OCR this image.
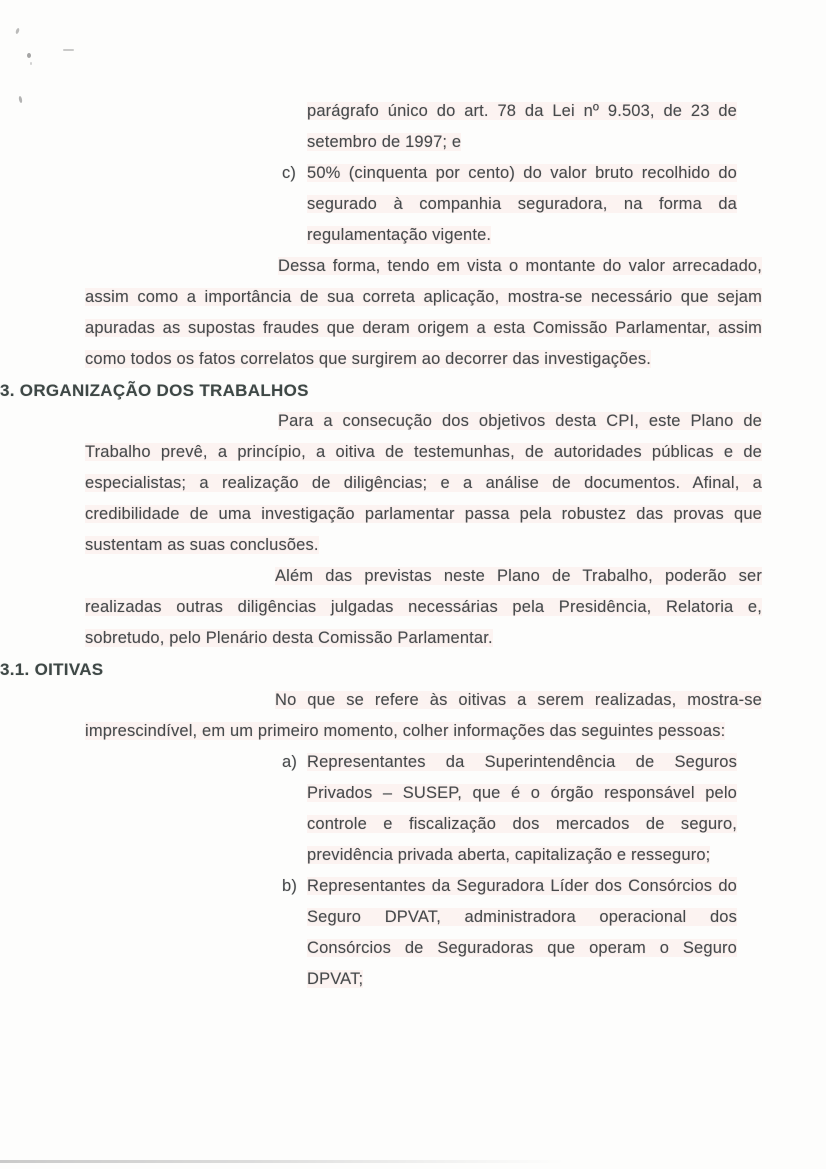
parágrafo único do art. 78 da Lei nº 9.503, de 23 de setembro de 1997; e
c) 50% (cinquenta por cento) do valor bruto recolhido do segurado à companhia seguradora, na forma da regulamentação vigente.

Dessa forma, tendo em vista o montante do valor arrecadado, assim como a importância de sua correta aplicação, mostra-se necessário que sejam apuradas as supostas fraudes que deram origem a esta Comissão Parlamentar, assim como todos os fatos correlatos que surgirem ao decorrer das investigações.

3. ORGANIZAÇÃO DOS TRABALHOS

Para a consecução dos objetivos desta CPI, este Plano de Trabalho prevê, a princípio, a oitiva de testemunhas, de autoridades públicas e de especialistas; a realização de diligências; e a análise de documentos. Afinal, a credibilidade de uma investigação parlamentar passa pela robustez das provas que sustentam as suas conclusões.

Além das previstas neste Plano de Trabalho, poderão ser realizadas outras diligências julgadas necessárias pela Presidência, Relatoria e, sobretudo, pelo Plenário desta Comissão Parlamentar.

3.1. OITIVAS

No que se refere às oitivas a serem realizadas, mostra-se imprescindível, em um primeiro momento, colher informações das seguintes pessoas:

a) Representantes da Superintendência de Seguros Privados – SUSEP, que é o órgão responsável pelo controle e fiscalização dos mercados de seguro, previdência privada aberta, capitalização e resseguro;
b) Representantes da Seguradora Líder dos Consórcios do Seguro DPVAT, administradora operacional dos Consórcios de Seguradoras que operam o Seguro DPVAT;
